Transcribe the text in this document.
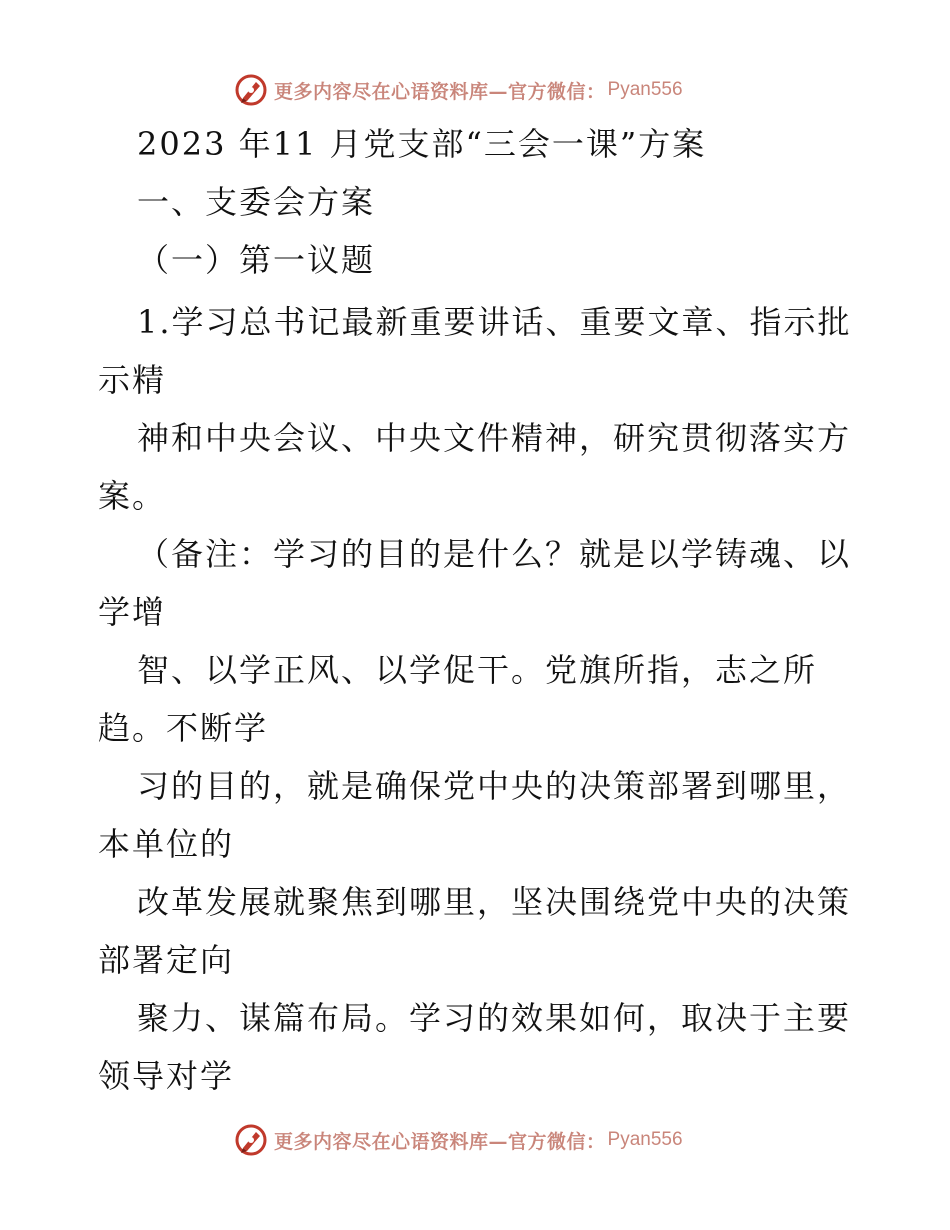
更多内容尽在心语资料库—官方微信： Pyan556
2023 年11 月党支部“三会一课”方案
一、支委会方案
（一）第一议题
1.学习总书记最新重要讲话、重要文章、指示批
示精
神和中央会议、中央文件精神，研究贯彻落实方
案。
（备注：学习的目的是什么？就是以学铸魂、以
学增
智、以学正风、以学促干。党旗所指，志之所
趋。不断学
习的目的，就是确保党中央的决策部署到哪里，
本单位的
改革发展就聚焦到哪里，坚决围绕党中央的决策
部署定向
聚力、谋篇布局。学习的效果如何，取决于主要
领导对学
更多内容尽在心语资料库—官方微信： Pyan556
